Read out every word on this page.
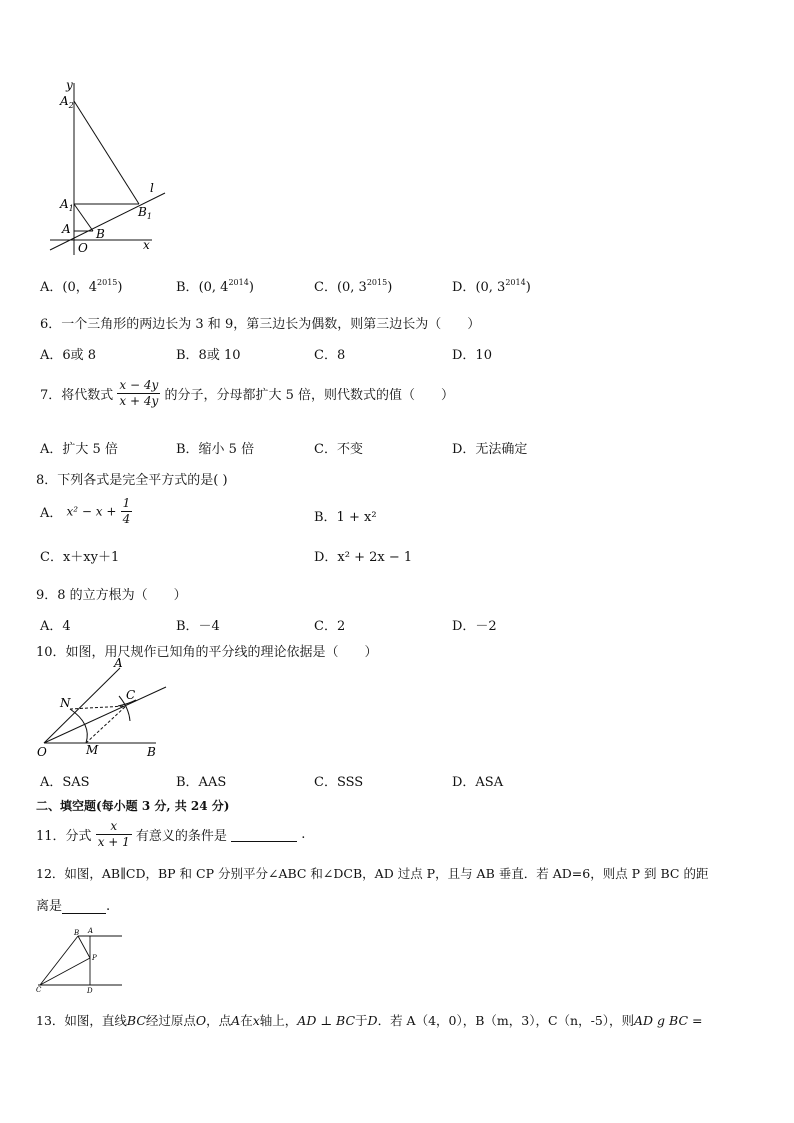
y
$A_2$
$A_1$
A
O
B
$B_1$
l
x
A．(0，$4^{2015}$)	B．(0, $4^{2014}$)	C．(0, $3^{2015}$)	D．(0, $3^{2014}$)
6．一个三角形的两边长为 3 和 9，第三边长为偶数，则第三边长为（　　）
A．6或 8	B．8或 10	C．8	D．10
7．将代数式 $\frac{x - 4y}{x + 4y}$ 的分子，分母都扩大 5 倍，则代数式的值（　　）
A．扩大 5 倍	B．缩小 5 倍	C．不变	D．无法确定
8．下列各式是完全平方式的是( )
A． $x^2 - x + \frac{1}{4}$	B．1 + x²
C．x＋xy＋1	D．x² + 2x − 1
9．8 的立方根为（　　）
A．4	B．－4	C．2	D．－2
10．如图，用尺规作已知角的平分线的理论依据是（　　）
A
N
C
O	M	B
A．SAS	B．AAS	C．SSS	D．ASA
二、填空题(每小题 3 分, 共 24 分)
11．分式 $\frac{x}{x + 1}$ 有意义的条件是	.
12．如图，AB∥CD，BP 和 CP 分别平分∠ABC 和∠DCB，AD 过点 P，且与 AB 垂直．若 AD=6，则点 P 到 BC 的距
离是	.
B A
P
C	D
13．如图，直线BC经过原点O，点A在x轴上，AD ⊥ BC于D．若 A（4，0），B（m，3），C（n，-5），则AD g BC =
